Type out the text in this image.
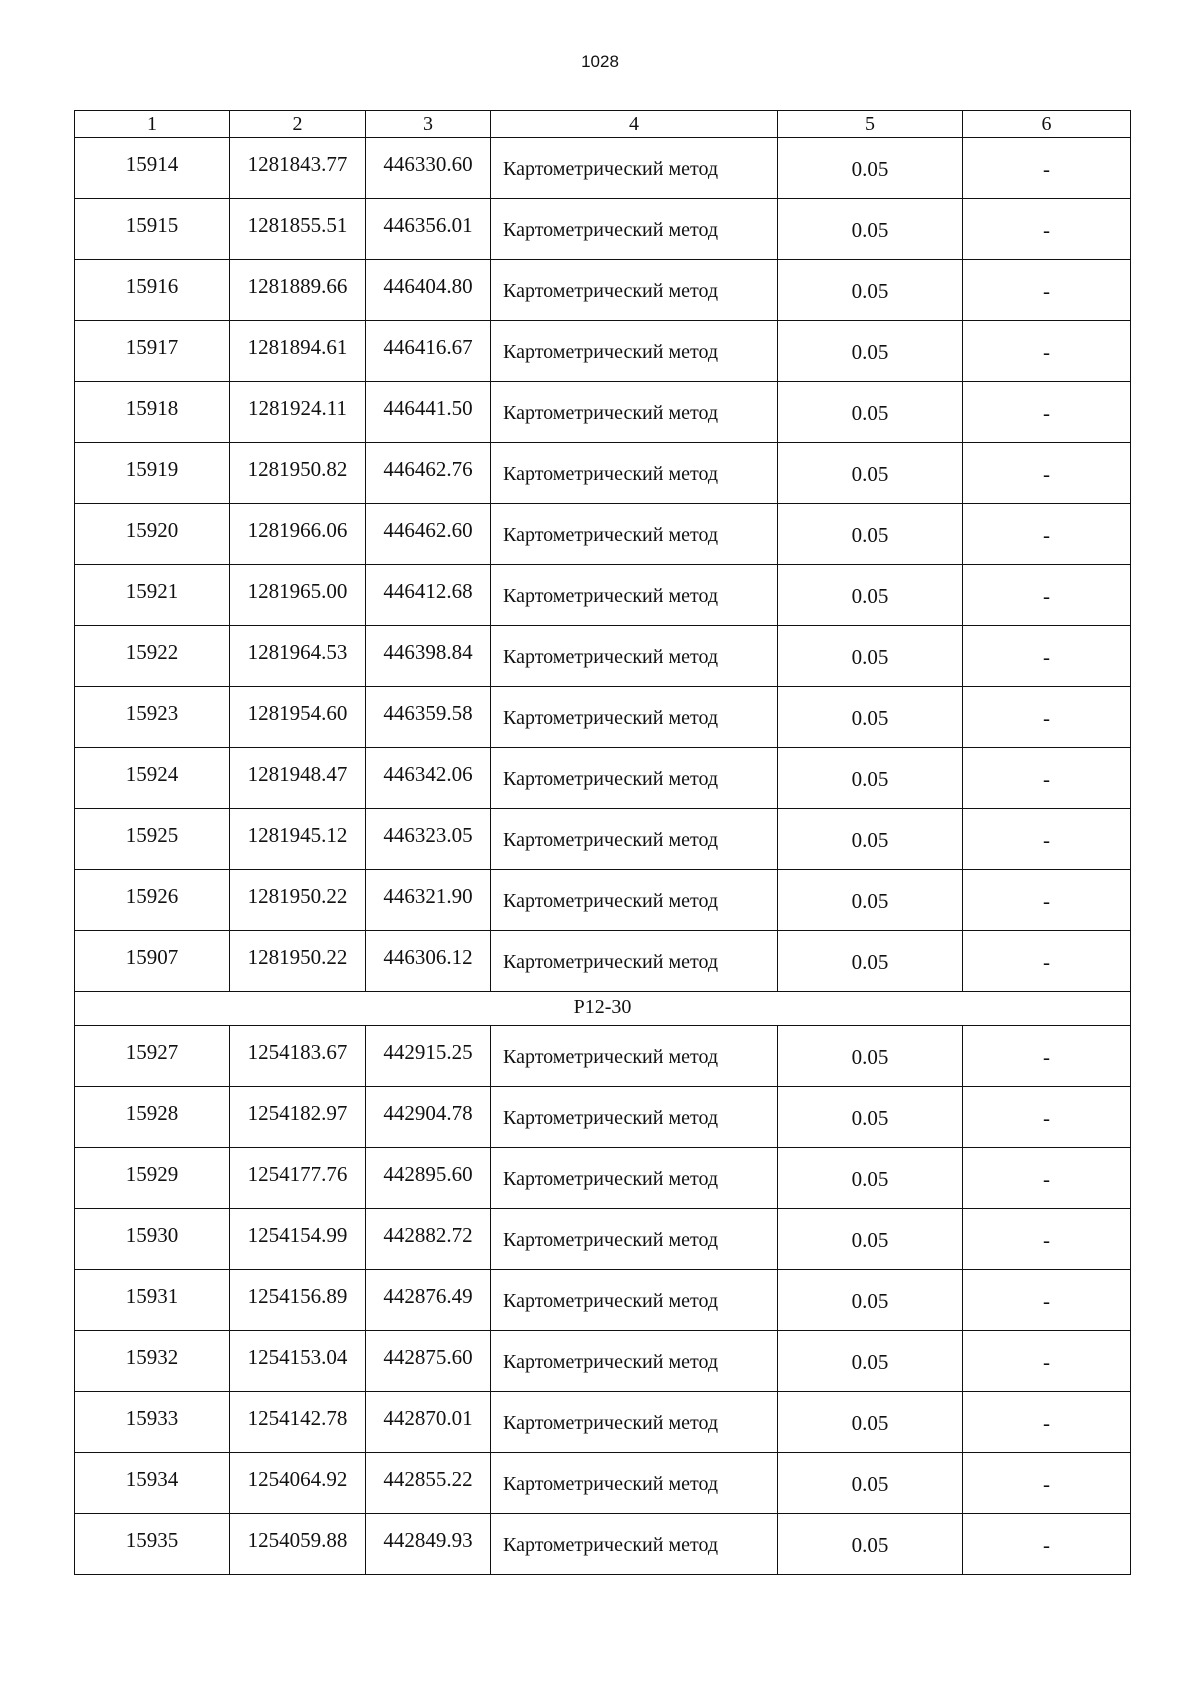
1028
1	2	3	4	5	6
15914	1281843.77	446330.60	Картометрический метод	0.05	-
15915	1281855.51	446356.01	Картометрический метод	0.05	-
15916	1281889.66	446404.80	Картометрический метод	0.05	-
15917	1281894.61	446416.67	Картометрический метод	0.05	-
15918	1281924.11	446441.50	Картометрический метод	0.05	-
15919	1281950.82	446462.76	Картометрический метод	0.05	-
15920	1281966.06	446462.60	Картометрический метод	0.05	-
15921	1281965.00	446412.68	Картометрический метод	0.05	-
15922	1281964.53	446398.84	Картометрический метод	0.05	-
15923	1281954.60	446359.58	Картометрический метод	0.05	-
15924	1281948.47	446342.06	Картометрический метод	0.05	-
15925	1281945.12	446323.05	Картометрический метод	0.05	-
15926	1281950.22	446321.90	Картометрический метод	0.05	-
15907	1281950.22	446306.12	Картометрический метод	0.05	-
P12-30					
15927	1254183.67	442915.25	Картометрический метод	0.05	-
15928	1254182.97	442904.78	Картометрический метод	0.05	-
15929	1254177.76	442895.60	Картометрический метод	0.05	-
15930	1254154.99	442882.72	Картометрический метод	0.05	-
15931	1254156.89	442876.49	Картометрический метод	0.05	-
15932	1254153.04	442875.60	Картометрический метод	0.05	-
15933	1254142.78	442870.01	Картометрический метод	0.05	-
15934	1254064.92	442855.22	Картометрический метод	0.05	-
15935	1254059.88	442849.93	Картометрический метод	0.05	-
